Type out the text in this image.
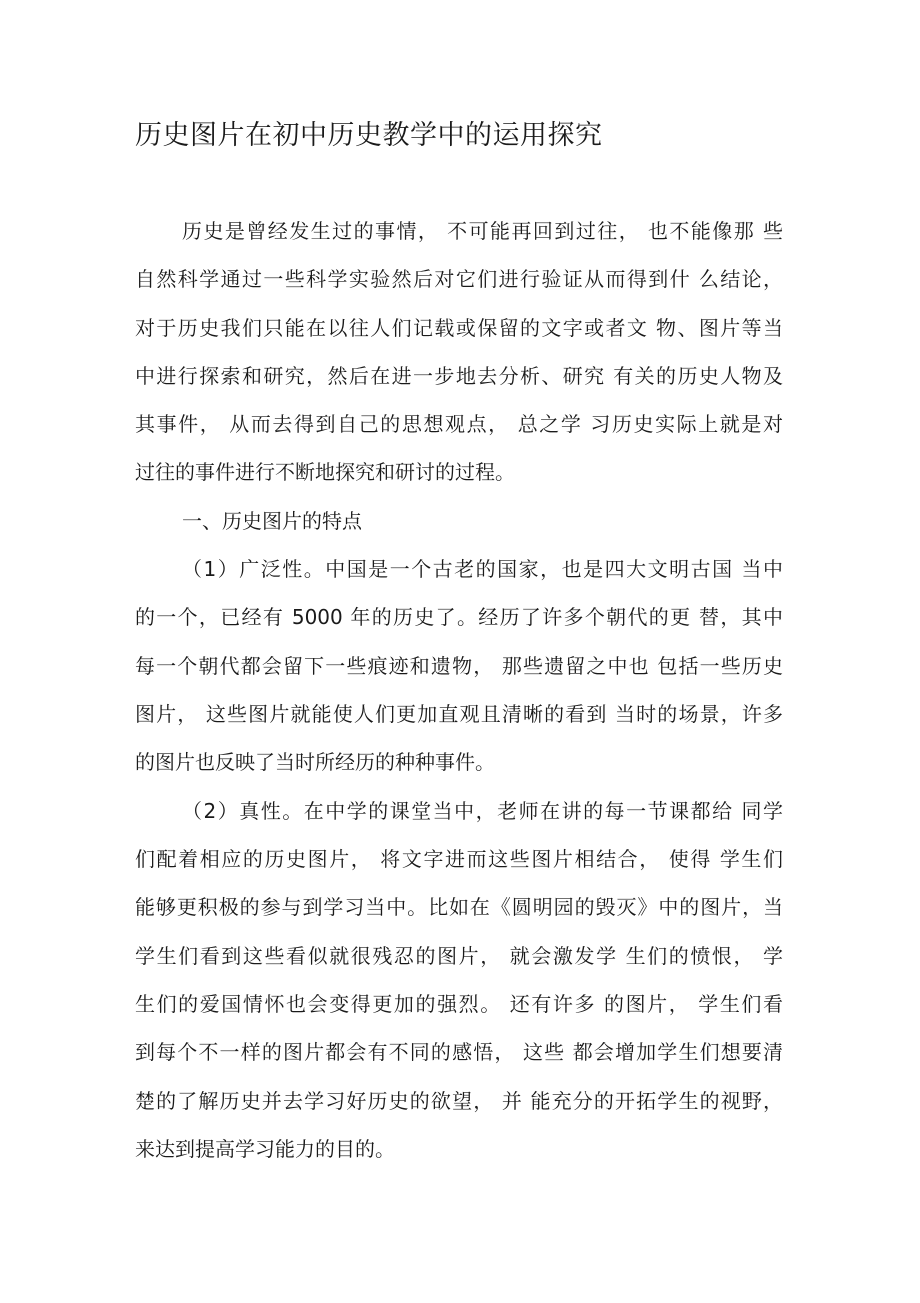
历史图片在初中历史教学中的运用探究

历史是曾经发生过的事情， 不可能再回到过往， 也不能像那 些

自然科学通过一些科学实验然后对它们进行验证从而得到什 么结论，

对于历史我们只能在以往人们记载或保留的文字或者文 物、图片等当

中进行探索和研究，然后在进一步地去分析、研究 有关的历史人物及

其事件， 从而去得到自己的思想观点， 总之学 习历史实际上就是对

过往的事件进行不断地探究和研讨的过程。

一、历史图片的特点

（1）广泛性。中国是一个古老的国家，也是四大文明古国 当中

的一个，已经有 5000 年的历史了。经历了许多个朝代的更 替，其中

每一个朝代都会留下一些痕迹和遗物， 那些遗留之中也 包括一些历史

图片， 这些图片就能使人们更加直观且清晰的看到 当时的场景，许多

的图片也反映了当时所经历的种种事件。

（2）真性。在中学的课堂当中，老师在讲的每一节课都给 同学

们配着相应的历史图片， 将文字进而这些图片相结合， 使得 学生们

能够更积极的参与到学习当中。比如在《圆明园的毁灭》中的图片，当

学生们看到这些看似就很残忍的图片， 就会激发学 生们的愤恨， 学

生们的爱国情怀也会变得更加的强烈。 还有许多 的图片， 学生们看

到每个不一样的图片都会有不同的感悟， 这些 都会增加学生们想要清

楚的了解历史并去学习好历史的欲望， 并 能充分的开拓学生的视野，

来达到提高学习能力的目的。
